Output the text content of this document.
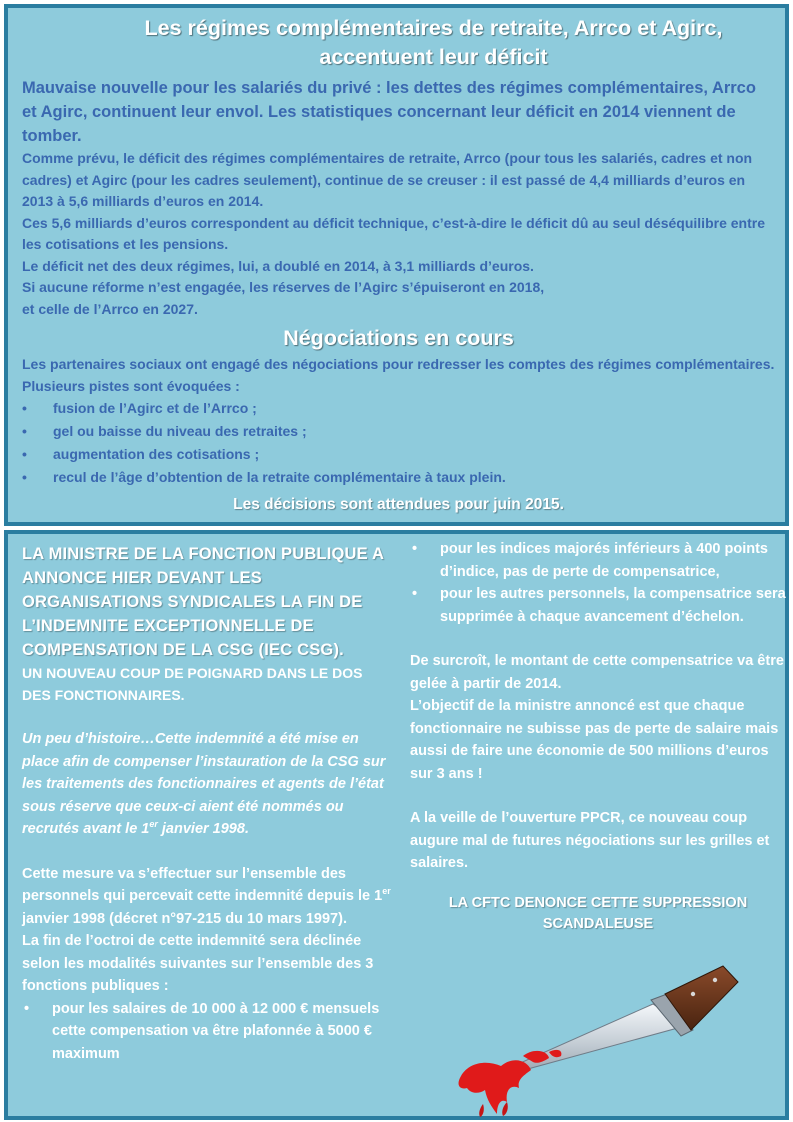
Les régimes complémentaires de retraite, Arrco et Agirc,
accentuent leur déficit

Mauvaise nouvelle pour les salariés du privé : les dettes des régimes complémentaires, Arrco et Agirc, continuent leur envol. Les statistiques concernant leur déficit en 2014 viennent de tomber.

Comme prévu, le déficit des régimes complémentaires de retraite, Arrco (pour tous les salariés, cadres et non cadres) et Agirc (pour les cadres seulement), continue de se creuser : il est passé de 4,4 milliards d’euros en 2013 à 5,6 milliards d’euros en 2014.

Ces 5,6 milliards d’euros correspondent au déficit technique, c’est-à-dire le déficit dû au seul déséquilibre entre les cotisations et les pensions.

Le déficit net des deux régimes, lui, a doublé en 2014, à 3,1 milliards d’euros.

Si aucune réforme n’est engagée, les réserves de l’Agirc s’épuiseront en 2018,
et celle de l’Arrco en 2027.

Négociations en cours

Les partenaires sociaux ont engagé des négociations pour redresser les comptes des régimes complémentaires. Plusieurs pistes sont évoquées :

• fusion de l’Agirc et de l’Arrco ;
• gel ou baisse du niveau des retraites ;
• augmentation des cotisations ;
• recul de l’âge d’obtention de la retraite complémentaire à taux plein.

Les décisions sont attendues pour juin 2015.

LA MINISTRE DE LA FONCTION PUBLIQUE A ANNONCE HIER DEVANT LES ORGANISATIONS SYNDICALES LA FIN DE L’INDEMNITE EXCEPTIONNELLE DE COMPENSATION DE LA CSG (IEC CSG).

UN NOUVEAU COUP DE POIGNARD DANS LE DOS DES FONCTIONNAIRES.

Un peu d’histoire…Cette indemnité a été mise en place afin de compenser l’instauration de la CSG sur les traitements des fonctionnaires et agents de l’état sous réserve que ceux-ci aient été nommés ou recrutés avant le 1er janvier 1998.

Cette mesure va s’effectuer sur l’ensemble des personnels qui percevait cette indemnité depuis le 1er janvier 1998 (décret n°97-215 du 10 mars 1997).

La fin de l’octroi de cette indemnité sera déclinée selon les modalités suivantes sur l’ensemble des 3 fonctions publiques :

• pour les salaires de 10 000 à 12 000 € mensuels cette compensation va être plafonnée à 5000 € maximum
• pour les indices majorés inférieurs à 400 points d’indice, pas de perte de compensatrice,
• pour les autres personnels, la compensatrice sera supprimée à chaque avancement d’échelon.

De surcroît, le montant de cette compensatrice va être gelée à partir de 2014.

L’objectif de la ministre annoncé est que chaque fonctionnaire ne subisse pas de perte de salaire mais aussi de faire une économie de 500 millions d’euros sur 3 ans !

A la veille de l’ouverture PPCR, ce nouveau coup augure mal de futures négociations sur les grilles et salaires.

LA CFTC DENONCE CETTE SUPPRESSION SCANDALEUSE
